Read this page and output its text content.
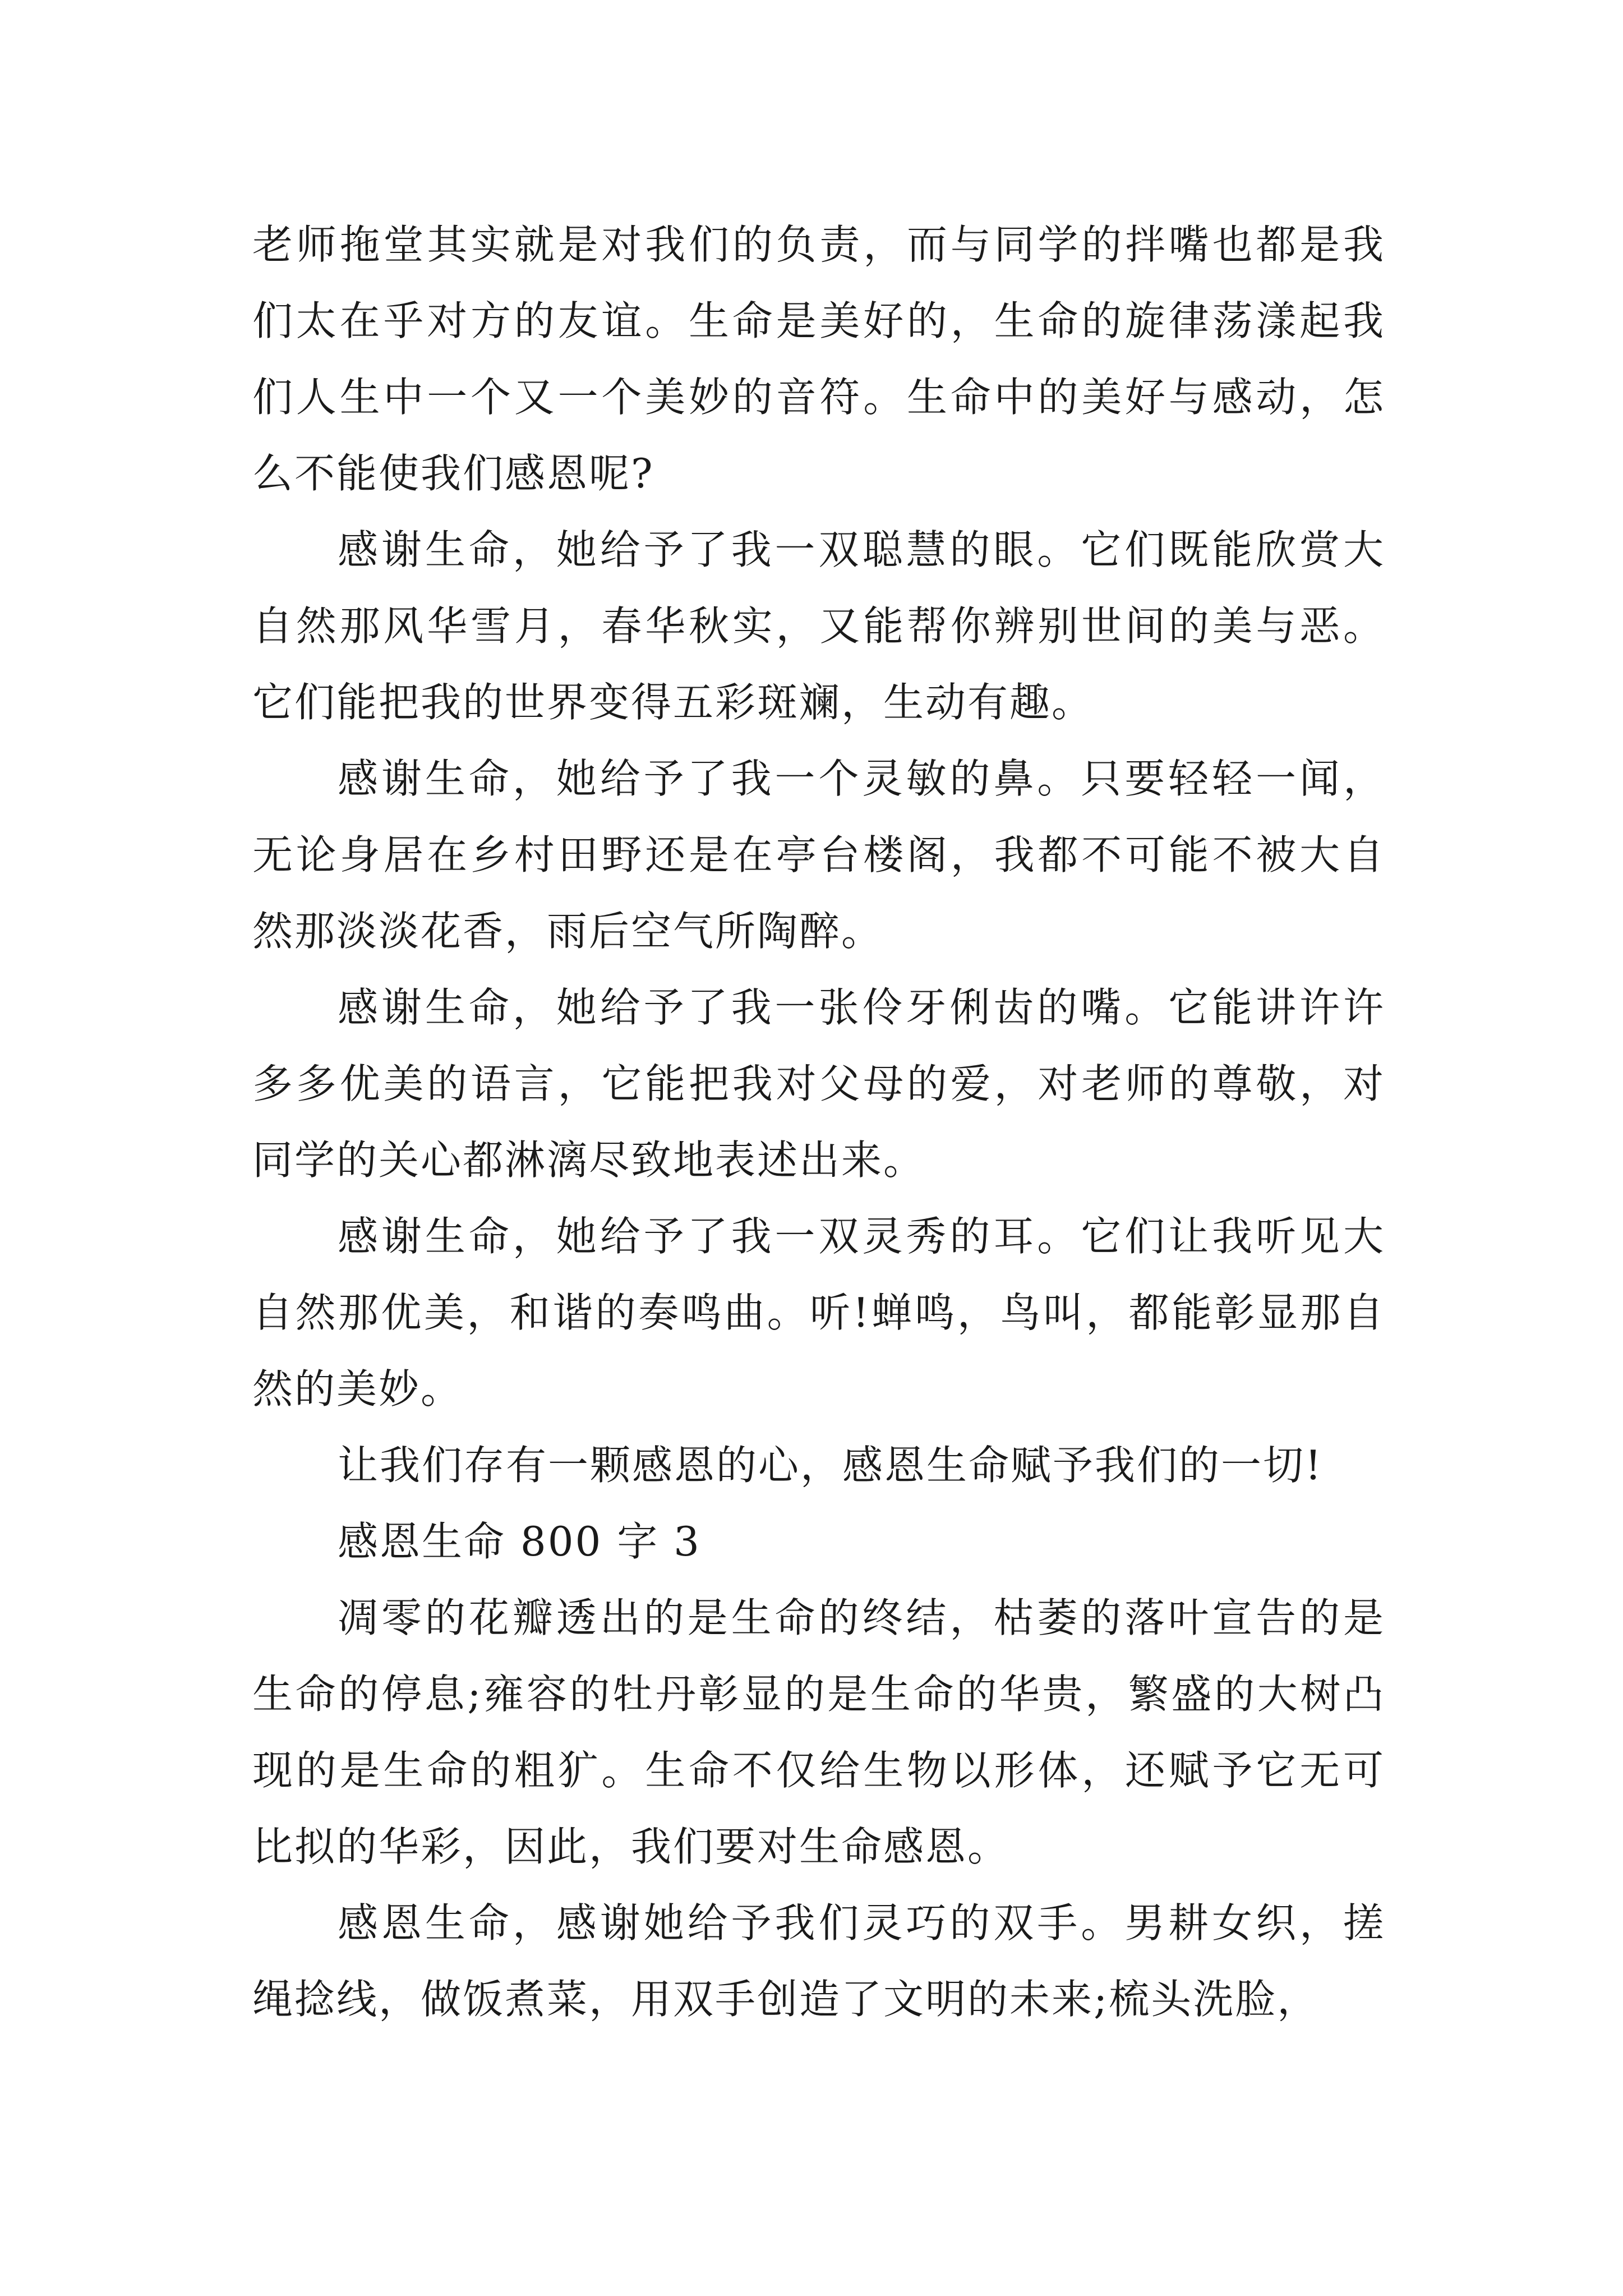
老师拖堂其实就是对我们的负责，而与同学的拌嘴也都是我们太在乎对方的友谊。生命是美好的，生命的旋律荡漾起我们人生中一个又一个美妙的音符。生命中的美好与感动，怎么不能使我们感恩呢?

感谢生命，她给予了我一双聪慧的眼。它们既能欣赏大自然那风华雪月，春华秋实，又能帮你辨别世间的美与恶。它们能把我的世界变得五彩斑斓，生动有趣。

感谢生命，她给予了我一个灵敏的鼻。只要轻轻一闻，无论身居在乡村田野还是在亭台楼阁，我都不可能不被大自然那淡淡花香，雨后空气所陶醉。

感谢生命，她给予了我一张伶牙俐齿的嘴。它能讲许许多多优美的语言，它能把我对父母的爱，对老师的尊敬，对同学的关心都淋漓尽致地表述出来。

感谢生命，她给予了我一双灵秀的耳。它们让我听见大自然那优美，和谐的奏鸣曲。听!蝉鸣，鸟叫，都能彰显那自然的美妙。

让我们存有一颗感恩的心，感恩生命赋予我们的一切!

感恩生命 800 字 3

凋零的花瓣透出的是生命的终结，枯萎的落叶宣告的是生命的停息;雍容的牡丹彰显的是生命的华贵，繁盛的大树凸现的是生命的粗犷。生命不仅给生物以形体，还赋予它无可比拟的华彩，因此，我们要对生命感恩。

感恩生命，感谢她给予我们灵巧的双手。男耕女织，搓绳捻线，做饭煮菜，用双手创造了文明的未来;梳头洗脸，
